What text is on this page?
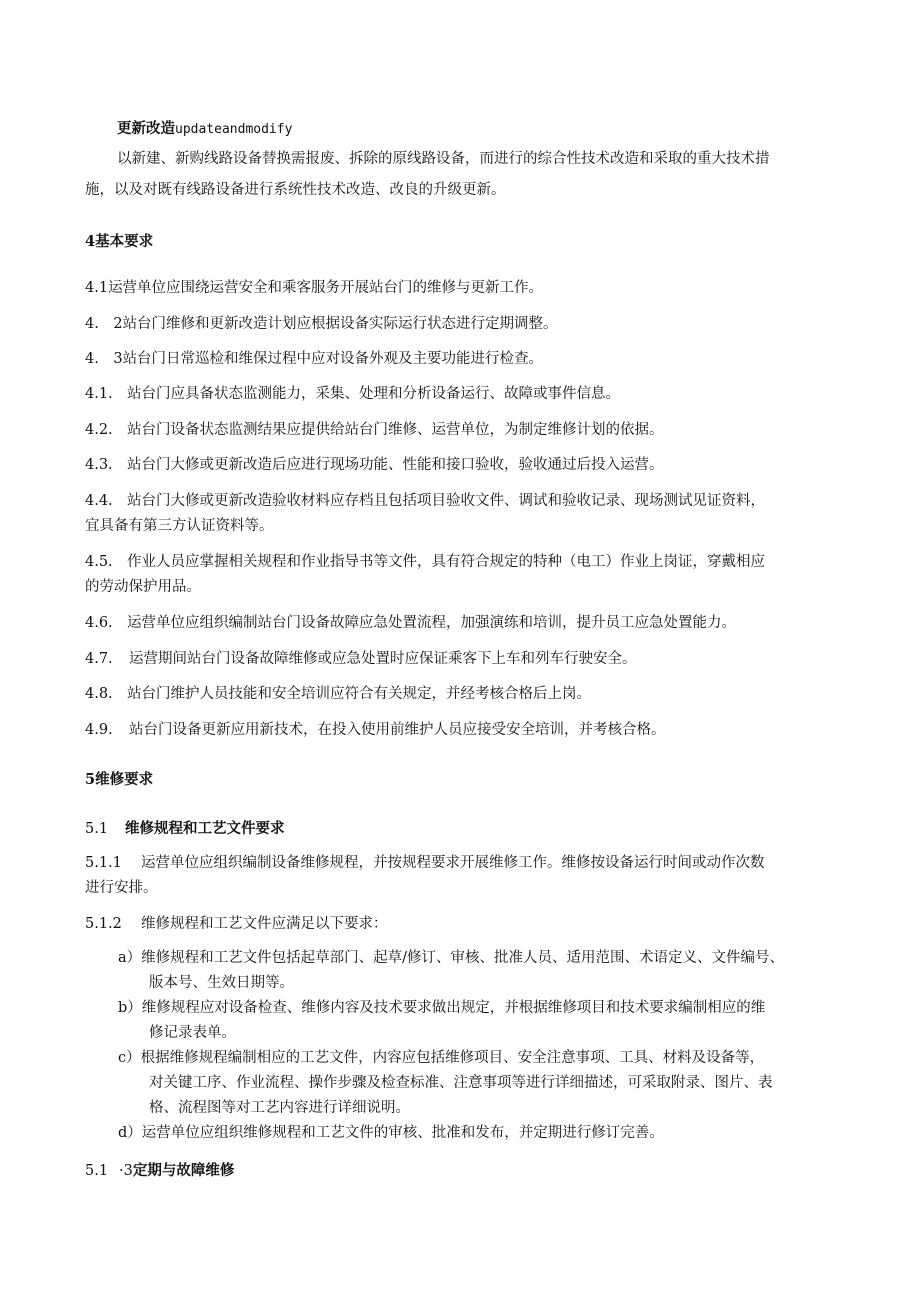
更新改造updateandmodify
以新建、新购线路设备替换需报废、拆除的原线路设备，而进行的综合性技术改造和采取的重大技术措
施，以及对既有线路设备进行系统性技术改造、改良的升级更新。
4基本要求
4.1运营单位应围绕运营安全和乘客服务开展站台门的维修与更新工作。
4.　2站台门维修和更新改造计划应根据设备实际运行状态进行定期调整。
4.　3站台门日常巡检和维保过程中应对设备外观及主要功能进行检查。
4.1. 站台门应具备状态监测能力，采集、处理和分析设备运行、故障或事件信息。
4.2. 站台门设备状态监测结果应提供给站台门维修、运营单位，为制定维修计划的依据。
4.3. 站台门大修或更新改造后应进行现场功能、性能和接口验收，验收通过后投入运营。
4.4. 站台门大修或更新改造验收材料应存档且包括项目验收文件、调试和验收记录、现场测试见证资料，
宜具备有第三方认证资料等。
4.5. 作业人员应掌握相关规程和作业指导书等文件，具有符合规定的特种（电工）作业上岗证，穿戴相应
的劳动保护用品。
4.6. 运营单位应组织编制站台门设备故障应急处置流程，加强演练和培训，提升员工应急处置能力。
4.7. 运营期间站台门设备故障维修或应急处置时应保证乘客下上车和列车行驶安全。
4.8. 站台门维护人员技能和安全培训应符合有关规定，并经考核合格后上岗。
4.9. 站台门设备更新应用新技术，在投入使用前维护人员应接受安全培训，并考核合格。
5维修要求
5.1 维修规程和工艺文件要求
5.1.1 运营单位应组织编制设备维修规程，并按规程要求开展维修工作。维修按设备运行时间或动作次数
进行安排。
5.1.2 维修规程和工艺文件应满足以下要求：
a）维修规程和工艺文件包括起草部门、起草/修订、审核、批准人员、适用范围、术语定义、文件编号、
版本号、生效日期等。
b）维修规程应对设备检查、维修内容及技术要求做出规定，并根据维修项目和技术要求编制相应的维
修记录表单。
c）根据维修规程编制相应的工艺文件，内容应包括维修项目、安全注意事项、工具、材料及设备等，
对关键工序、作业流程、操作步骤及检查标准、注意事项等进行详细描述，可采取附录、图片、表
格、流程图等对工艺内容进行详细说明。
d）运营单位应组织维修规程和工艺文件的审核、批准和发布，并定期进行修订完善。
5.1 ·3定期与故障维修
